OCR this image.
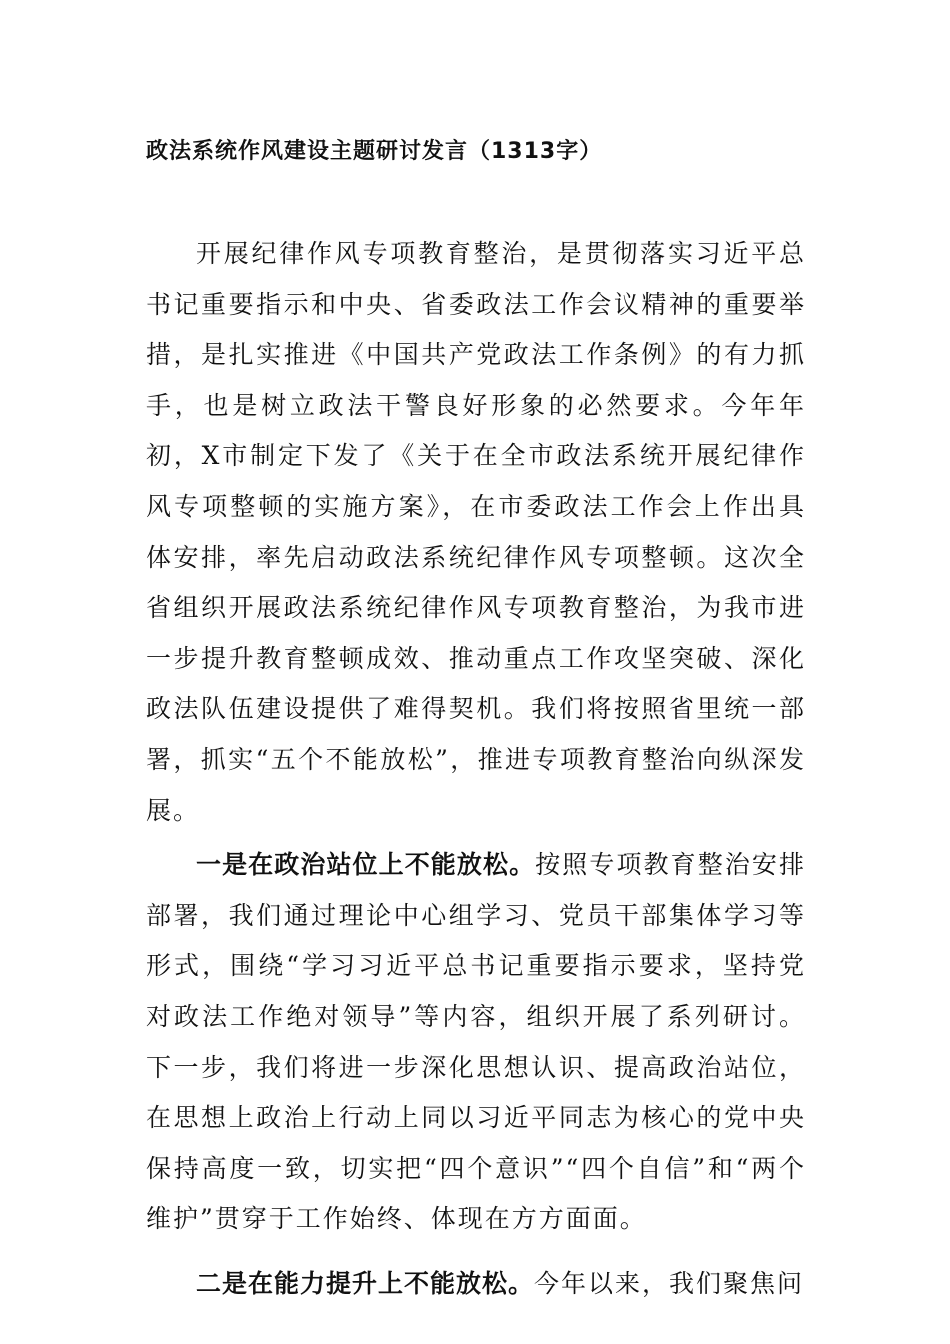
政法系统作风建设主题研讨发言（1313字）

开展纪律作风专项教育整治，是贯彻落实习近平总书记重要指示和中央、省委政法工作会议精神的重要举措，是扎实推进《中国共产党政法工作条例》的有力抓手，也是树立政法干警良好形象的必然要求。今年年初，X市制定下发了《关于在全市政法系统开展纪律作风专项整顿的实施方案》，在市委政法工作会上作出具体安排，率先启动政法系统纪律作风专项整顿。这次全省组织开展政法系统纪律作风专项教育整治，为我市进一步提升教育整顿成效、推动重点工作攻坚突破、深化政法队伍建设提供了难得契机。我们将按照省里统一部署，抓实“五个不能放松”，推进专项教育整治向纵深发展。

一是在政治站位上不能放松。按照专项教育整治安排部署，我们通过理论中心组学习、党员干部集体学习等形式，围绕“学习习近平总书记重要指示要求，坚持党对政法工作绝对领导”等内容，组织开展了系列研讨。下一步，我们将进一步深化思想认识、提高政治站位，在思想上政治上行动上同以习近平同志为核心的党中央保持高度一致，切实把“四个意识”“四个自信”和“两个维护”贯穿于工作始终、体现在方方面面。

二是在能力提升上不能放松。今年以来，我们聚焦问
